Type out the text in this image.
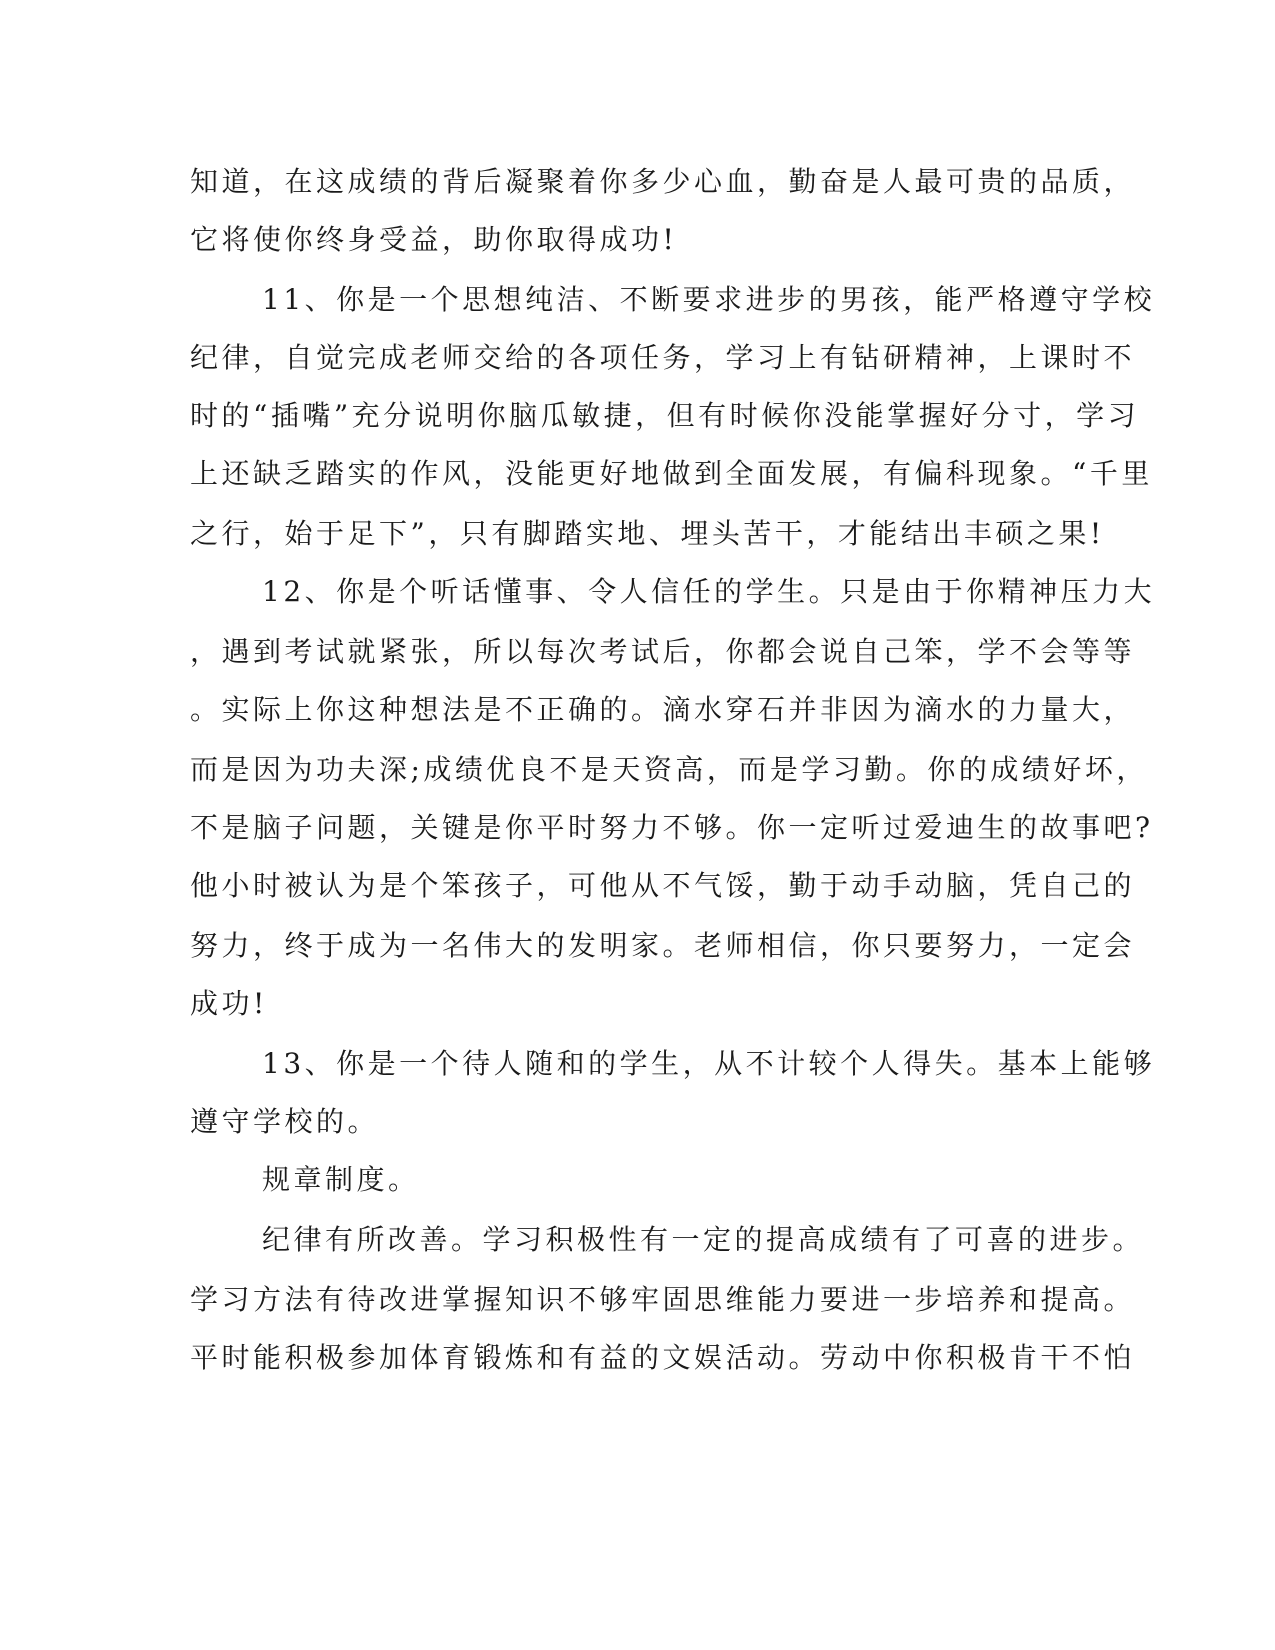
知道，在这成绩的背后凝聚着你多少心血，勤奋是人最可贵的品质，
它将使你终身受益，助你取得成功!
11、你是一个思想纯洁、不断要求进步的男孩，能严格遵守学校
纪律，自觉完成老师交给的各项任务，学习上有钻研精神，上课时不
时的“插嘴”充分说明你脑瓜敏捷，但有时候你没能掌握好分寸，学习
上还缺乏踏实的作风，没能更好地做到全面发展，有偏科现象。“千里
之行，始于足下”，只有脚踏实地、埋头苦干，才能结出丰硕之果!
12、你是个听话懂事、令人信任的学生。只是由于你精神压力大
，遇到考试就紧张，所以每次考试后，你都会说自己笨，学不会等等
。实际上你这种想法是不正确的。滴水穿石并非因为滴水的力量大，
而是因为功夫深;成绩优良不是天资高，而是学习勤。你的成绩好坏，
不是脑子问题，关键是你平时努力不够。你一定听过爱迪生的故事吧?
他小时被认为是个笨孩子，可他从不气馁，勤于动手动脑，凭自己的
努力，终于成为一名伟大的发明家。老师相信，你只要努力，一定会
成功!
13、你是一个待人随和的学生，从不计较个人得失。基本上能够
遵守学校的。
规章制度。
纪律有所改善。学习积极性有一定的提高成绩有了可喜的进步。
学习方法有待改进掌握知识不够牢固思维能力要进一步培养和提高。
平时能积极参加体育锻炼和有益的文娱活动。劳动中你积极肯干不怕
